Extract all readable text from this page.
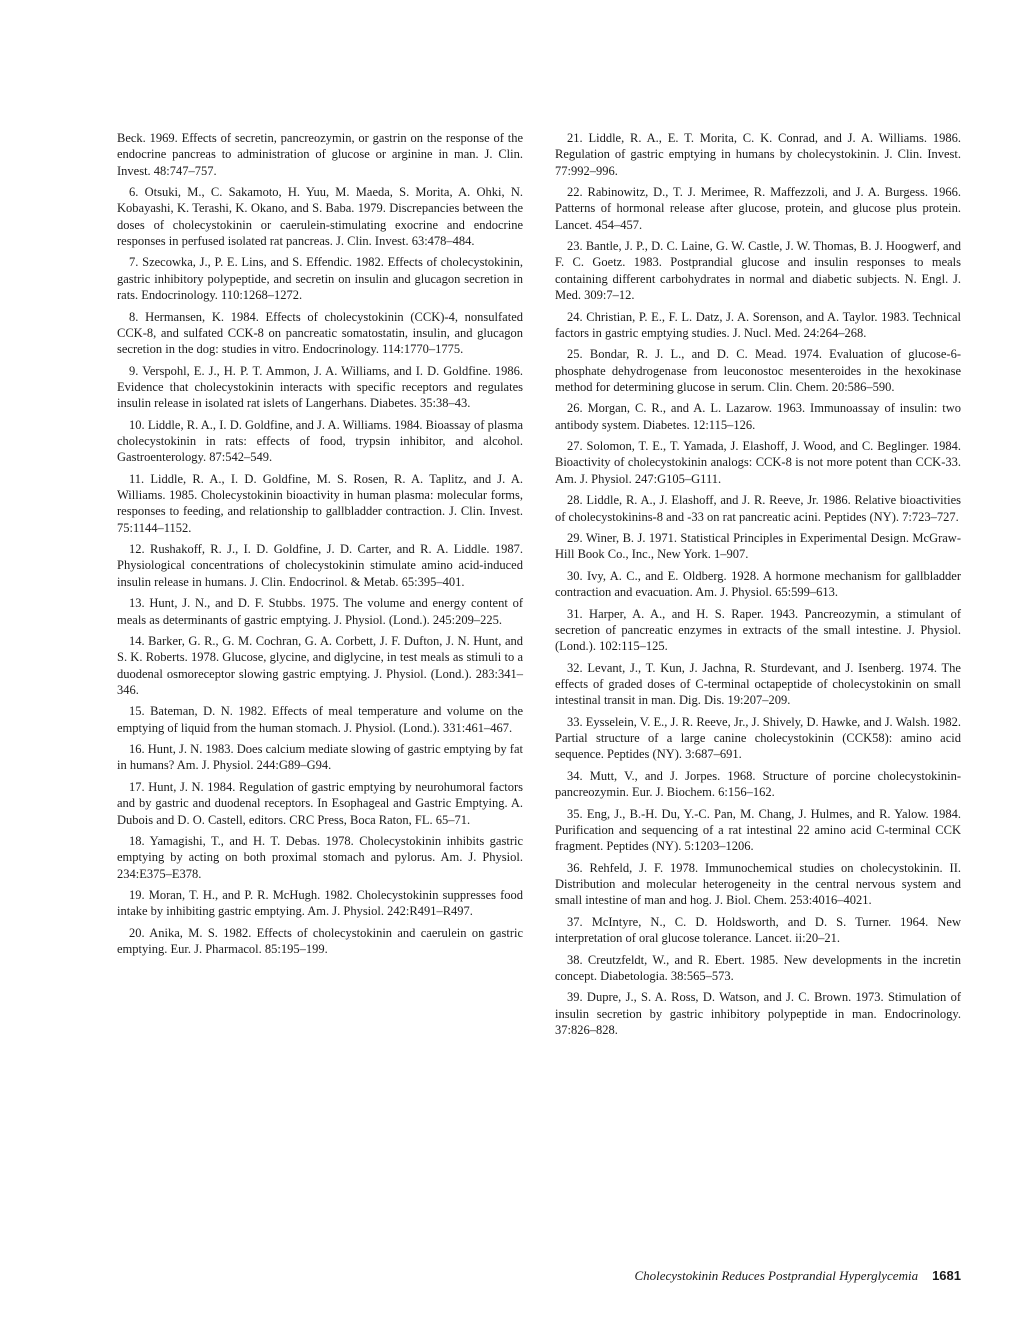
Beck. 1969. Effects of secretin, pancreozymin, or gastrin on the response of the endocrine pancreas to administration of glucose or arginine in man. J. Clin. Invest. 48:747–757.

6. Otsuki, M., C. Sakamoto, H. Yuu, M. Maeda, S. Morita, A. Ohki, N. Kobayashi, K. Terashi, K. Okano, and S. Baba. 1979. Discrepancies between the doses of cholecystokinin or caerulein-stimulating exocrine and endocrine responses in perfused isolated rat pancreas. J. Clin. Invest. 63:478–484.

7. Szecowka, J., P. E. Lins, and S. Effendic. 1982. Effects of cholecystokinin, gastric inhibitory polypeptide, and secretin on insulin and glucagon secretion in rats. Endocrinology. 110:1268–1272.

8. Hermansen, K. 1984. Effects of cholecystokinin (CCK)-4, nonsulfated CCK-8, and sulfated CCK-8 on pancreatic somatostatin, insulin, and glucagon secretion in the dog: studies in vitro. Endocrinology. 114:1770–1775.

9. Verspohl, E. J., H. P. T. Ammon, J. A. Williams, and I. D. Goldfine. 1986. Evidence that cholecystokinin interacts with specific receptors and regulates insulin release in isolated rat islets of Langerhans. Diabetes. 35:38–43.

10. Liddle, R. A., I. D. Goldfine, and J. A. Williams. 1984. Bioassay of plasma cholecystokinin in rats: effects of food, trypsin inhibitor, and alcohol. Gastroenterology. 87:542–549.

11. Liddle, R. A., I. D. Goldfine, M. S. Rosen, R. A. Taplitz, and J. A. Williams. 1985. Cholecystokinin bioactivity in human plasma: molecular forms, responses to feeding, and relationship to gallbladder contraction. J. Clin. Invest. 75:1144–1152.

12. Rushakoff, R. J., I. D. Goldfine, J. D. Carter, and R. A. Liddle. 1987. Physiological concentrations of cholecystokinin stimulate amino acid-induced insulin release in humans. J. Clin. Endocrinol. & Metab. 65:395–401.

13. Hunt, J. N., and D. F. Stubbs. 1975. The volume and energy content of meals as determinants of gastric emptying. J. Physiol. (Lond.). 245:209–225.

14. Barker, G. R., G. M. Cochran, G. A. Corbett, J. F. Dufton, J. N. Hunt, and S. K. Roberts. 1978. Glucose, glycine, and diglycine, in test meals as stimuli to a duodenal osmoreceptor slowing gastric emptying. J. Physiol. (Lond.). 283:341–346.

15. Bateman, D. N. 1982. Effects of meal temperature and volume on the emptying of liquid from the human stomach. J. Physiol. (Lond.). 331:461–467.

16. Hunt, J. N. 1983. Does calcium mediate slowing of gastric emptying by fat in humans? Am. J. Physiol. 244:G89–G94.

17. Hunt, J. N. 1984. Regulation of gastric emptying by neurohumoral factors and by gastric and duodenal receptors. In Esophageal and Gastric Emptying. A. Dubois and D. O. Castell, editors. CRC Press, Boca Raton, FL. 65–71.

18. Yamagishi, T., and H. T. Debas. 1978. Cholecystokinin inhibits gastric emptying by acting on both proximal stomach and pylorus. Am. J. Physiol. 234:E375–E378.

19. Moran, T. H., and P. R. McHugh. 1982. Cholecystokinin suppresses food intake by inhibiting gastric emptying. Am. J. Physiol. 242:R491–R497.

20. Anika, M. S. 1982. Effects of cholecystokinin and caerulein on gastric emptying. Eur. J. Pharmacol. 85:195–199.

21. Liddle, R. A., E. T. Morita, C. K. Conrad, and J. A. Williams. 1986. Regulation of gastric emptying in humans by cholecystokinin. J. Clin. Invest. 77:992–996.

22. Rabinowitz, D., T. J. Merimee, R. Maffezzoli, and J. A. Burgess. 1966. Patterns of hormonal release after glucose, protein, and glucose plus protein. Lancet. 454–457.

23. Bantle, J. P., D. C. Laine, G. W. Castle, J. W. Thomas, B. J. Hoogwerf, and F. C. Goetz. 1983. Postprandial glucose and insulin responses to meals containing different carbohydrates in normal and diabetic subjects. N. Engl. J. Med. 309:7–12.

24. Christian, P. E., F. L. Datz, J. A. Sorenson, and A. Taylor. 1983. Technical factors in gastric emptying studies. J. Nucl. Med. 24:264–268.

25. Bondar, R. J. L., and D. C. Mead. 1974. Evaluation of glucose-6-phosphate dehydrogenase from leuconostoc mesenteroides in the hexokinase method for determining glucose in serum. Clin. Chem. 20:586–590.

26. Morgan, C. R., and A. L. Lazarow. 1963. Immunoassay of insulin: two antibody system. Diabetes. 12:115–126.

27. Solomon, T. E., T. Yamada, J. Elashoff, J. Wood, and C. Beglinger. 1984. Bioactivity of cholecystokinin analogs: CCK-8 is not more potent than CCK-33. Am. J. Physiol. 247:G105–G111.

28. Liddle, R. A., J. Elashoff, and J. R. Reeve, Jr. 1986. Relative bioactivities of cholecystokinins-8 and -33 on rat pancreatic acini. Peptides (NY). 7:723–727.

29. Winer, B. J. 1971. Statistical Principles in Experimental Design. McGraw-Hill Book Co., Inc., New York. 1–907.

30. Ivy, A. C., and E. Oldberg. 1928. A hormone mechanism for gallbladder contraction and evacuation. Am. J. Physiol. 65:599–613.

31. Harper, A. A., and H. S. Raper. 1943. Pancreozymin, a stimulant of secretion of pancreatic enzymes in extracts of the small intestine. J. Physiol. (Lond.). 102:115–125.

32. Levant, J., T. Kun, J. Jachna, R. Sturdevant, and J. Isenberg. 1974. The effects of graded doses of C-terminal octapeptide of cholecystokinin on small intestinal transit in man. Dig. Dis. 19:207–209.

33. Eysselein, V. E., J. R. Reeve, Jr., J. Shively, D. Hawke, and J. Walsh. 1982. Partial structure of a large canine cholecystokinin (CCK58): amino acid sequence. Peptides (NY). 3:687–691.

34. Mutt, V., and J. Jorpes. 1968. Structure of porcine cholecystokinin-pancreozymin. Eur. J. Biochem. 6:156–162.

35. Eng, J., B.-H. Du, Y.-C. Pan, M. Chang, J. Hulmes, and R. Yalow. 1984. Purification and sequencing of a rat intestinal 22 amino acid C-terminal CCK fragment. Peptides (NY). 5:1203–1206.

36. Rehfeld, J. F. 1978. Immunochemical studies on cholecystokinin. II. Distribution and molecular heterogeneity in the central nervous system and small intestine of man and hog. J. Biol. Chem. 253:4016–4021.

37. McIntyre, N., C. D. Holdsworth, and D. S. Turner. 1964. New interpretation of oral glucose tolerance. Lancet. ii:20–21.

38. Creutzfeldt, W., and R. Ebert. 1985. New developments in the incretin concept. Diabetologia. 38:565–573.

39. Dupre, J., S. A. Ross, D. Watson, and J. C. Brown. 1973. Stimulation of insulin secretion by gastric inhibitory polypeptide in man. Endocrinology. 37:826–828.

Cholecystokinin Reduces Postprandial Hyperglycemia 1681
